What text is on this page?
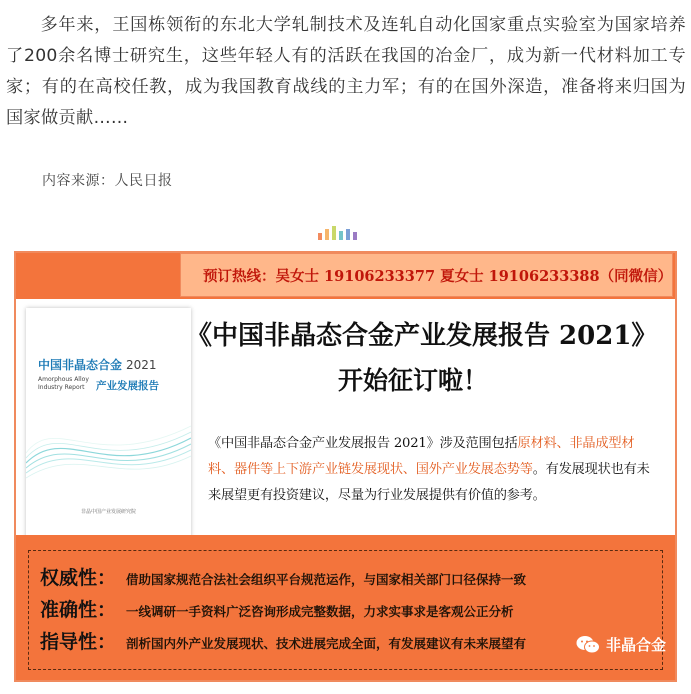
多年来，王国栋领衔的东北大学轧制技术及连轧自动化国家重点实验室为国家培养了200余名博士研究生，这些年轻人有的活跃在我国的冶金厂，成为新一代材料加工专家；有的在高校任教，成为我国教育战线的主力军；有的在国外深造，准备将来归国为国家做贡献……
内容来源：人民日报
预订热线：吴女士 19106233377 夏女士 19106233388（同微信）
中国非晶态合金 2021
Amorphous Alloy Industry Report	产业发展报告
非晶中国产业发展研究院
《中国非晶态合金产业发展报告 2021》
开始征订啦！
《中国非晶态合金产业发展报告 2021》涉及范围包括原材料、非晶成型材料、器件等上下游产业链发展现状、国外产业发展态势等。有发展现状也有未来展望更有投资建议，尽量为行业发展提供有价值的参考。
权威性： 借助国家规范合法社会组织平台规范运作，与国家相关部门口径保持一致
准确性： 一线调研一手资料广泛咨询形成完整数据，力求实事求是客观公正分析
指导性： 剖析国内外产业发展现状、技术进展完成全面，有发展建议有未来展望有	非晶合金
